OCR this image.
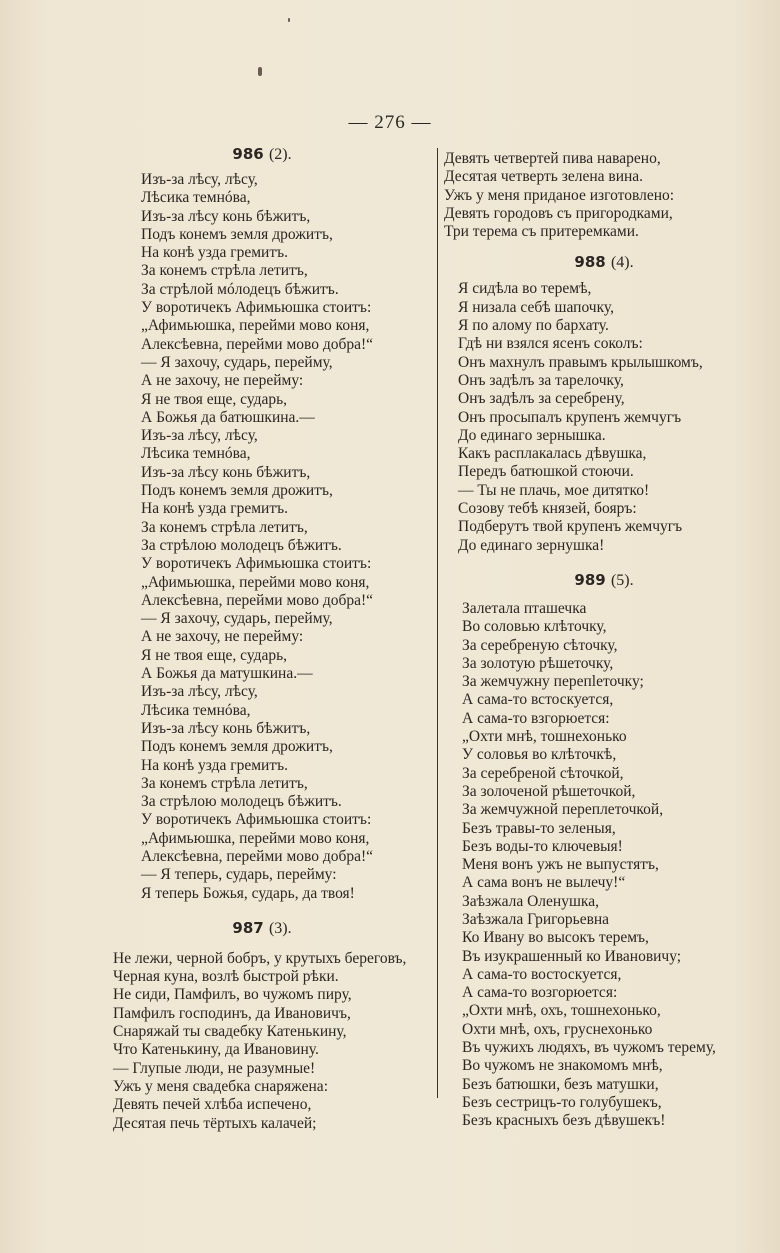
— 276 —
986 (2).
Изъ-за лѣсу, лѣсу,
Лѣсика темнóва,
Изъ-за лѣсу конь бѣжитъ,
Подъ конемъ земля дрожитъ,
На конѣ узда гремитъ.
За конемъ стрѣла летитъ,
За стрѣлой мóлодецъ бѣжитъ.
У воротичекъ Афимьюшка стоитъ:
„Афимьюшка, перейми мово коня,
Алексѣевна, перейми мово добра!“
— Я захочу, сударь, перейму,
А не захочу, не перейму:
Я не твоя еще, сударь,
А Божья да батюшкина.—
Изъ-за лѣсу, лѣсу,
Лѣсика темнóва,
Изъ-за лѣсу конь бѣжитъ,
Подъ конемъ земля дрожитъ,
На конѣ узда гремитъ.
За конемъ стрѣла летитъ,
За стрѣлою молодецъ бѣжитъ.
У воротичекъ Афимьюшка стоитъ:
„Афимьюшка, перейми мово коня,
Алексѣевна, перейми мово добра!“
— Я захочу, сударь, перейму,
А не захочу, не перейму:
Я не твоя еще, сударь,
А Божья да матушкина.—
Изъ-за лѣсу, лѣсу,
Лѣсика темнóва,
Изъ-за лѣсу конь бѣжитъ,
Подъ конемъ земля дрожитъ,
На конѣ узда гремитъ.
За конемъ стрѣла летитъ,
За стрѣлою молодецъ бѣжитъ.
У воротичекъ Афимьюшка стоитъ:
„Афимьюшка, перейми мово коня,
Алексѣевна, перейми мово добра!“
— Я теперь, сударь, перейму:
Я теперь Божья, сударь, да твоя!
987 (3).
Не лежи, черной бобръ, у крутыхъ береговъ,
Черная куна, возлѣ быстрой рѣки.
Не сиди, Памфилъ, во чужомъ пиру,
Памфилъ господинъ, да Ивановичъ,
Снаряжай ты свадебку Катенькину,
Что Катенькину, да Ивановину.
— Глупые люди, не разумные!
Ужъ у меня свадебка снаряжена:
Девять печей хлѣба испечено,
Десятая печь тёртыхъ калачей;
Девять четвертей пива наварено,
Десятая четверть зелена вина.
Ужъ у меня приданое изготовлено:
Девять городовъ съ пригородками,
Три терема съ притеремками.
988 (4).
Я сидѣла во теремѣ,
Я низала себѣ шапочку,
Я по алому по бархату.
Гдѣ ни взялся ясенъ соколъ:
Онъ махнулъ правымъ крылышкомъ,
Онъ задѣлъ за тарелочку,
Онъ задѣлъ за серебрену,
Онъ просыпалъ крупенъ жемчугъ
До единагo зернышка.
Какъ расплакалась дѣвушка,
Передъ батюшкой стоючи.
— Ты не плачь, мое дитятко!
Созову тебѣ князей, бояръ:
Подберутъ твой крупенъ жемчугъ
До единагo зернушка!
989 (5).
Залетала пташечка
Во соловью клѣточку,
За серебреную сѣточку,
За золотую рѣшеточку,
За жемчужну перепleточку;
А сама-то встоскуется,
А сама-то взгорюется:
„Охти мнѣ, тошнехонько
У соловья во клѣточкѣ,
За серебреной сѣточкой,
За золоченой рѣшеточкой,
За жемчужной переплеточкой,
Безъ травы-то зеленыя,
Безъ воды-то ключевыя!
Меня вонъ ужъ не выпустятъ,
А сама вонъ не вылечу!“
Заѣзжала Оленушка,
Заѣзжала Григорьевна
Ко Ивану во высокъ теремъ,
Въ изукрашенный ко Ивановичу;
А сама-то востоскуется,
А сама-то возгорюется:
„Охти мнѣ, охъ, тошнехонько,
Охти мнѣ, охъ, груснехонько
Въ чужихъ людяхъ, въ чужомъ терему,
Во чужомъ не знакомомъ мнѣ,
Безъ батюшки, безъ матушки,
Безъ сестрицъ-то голубушекъ,
Безъ красныхъ безъ дѣвушекъ!
